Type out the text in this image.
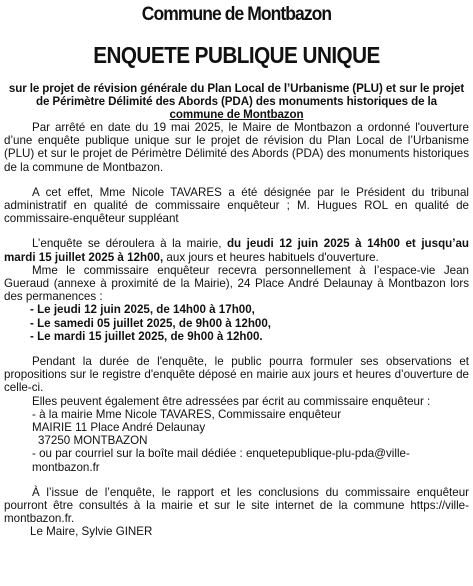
Commune de Montbazon
ENQUETE PUBLIQUE UNIQUE
sur le projet de révision générale du Plan Local de l’Urbanisme (PLU) et sur le projet de Périmètre Délimité des Abords (PDA) des monuments historiques de la
commune de Montbazon

Par arrêté en date du 19 mai 2025, le Maire de Montbazon a ordonné l'ouverture d’une enquête publique unique sur le projet de révision du Plan Local de l’Urbanisme (PLU) et sur le projet de Périmètre Délimité des Abords (PDA) des monuments historiques de la commune de Montbazon.

A cet effet, Mme Nicole TAVARES a été désignée par le Président du tribunal administratif en qualité de commissaire enquêteur ; M. Hugues ROL en qualité de commissaire-enquêteur suppléant

L’enquête se déroulera à la mairie, du jeudi 12 juin 2025 à 14h00 et jusqu’au mardi 15 juillet 2025 à 12h00, aux jours et heures habituels d'ouverture.

Mme le commissaire enquêteur recevra personnellement à l’espace-vie Jean Gueraud (annexe à proximité de la Mairie), 24 Place André Delaunay à Montbazon lors des permanences :

- Le jeudi 12 juin 2025, de 14h00 à 17h00,
- Le samedi 05 juillet 2025, de 9h00 à 12h00,
- Le mardi 15 juillet 2025, de 9h00 à 12h00.

Pendant la durée de l'enquête, le public pourra formuler ses observations et propositions sur le registre d'enquête déposé en mairie aux jours et heures d’ouverture de celle-ci.

Elles peuvent également être adressées par écrit au commissaire enquêteur :

- à la mairie Mme Nicole TAVARES, Commissaire enquêteur
MAIRIE 11 Place André Delaunay
37250 MONTBAZON
- ou par courriel sur la boîte mail dédiée : enquetepublique-plu-pda@ville-montbazon.fr

À l’issue de l’enquête, le rapport et les conclusions du commissaire enquêteur pourront être consultés à la mairie et sur le site internet de la commune https://ville-montbazon.fr.

Le Maire, Sylvie GINER
